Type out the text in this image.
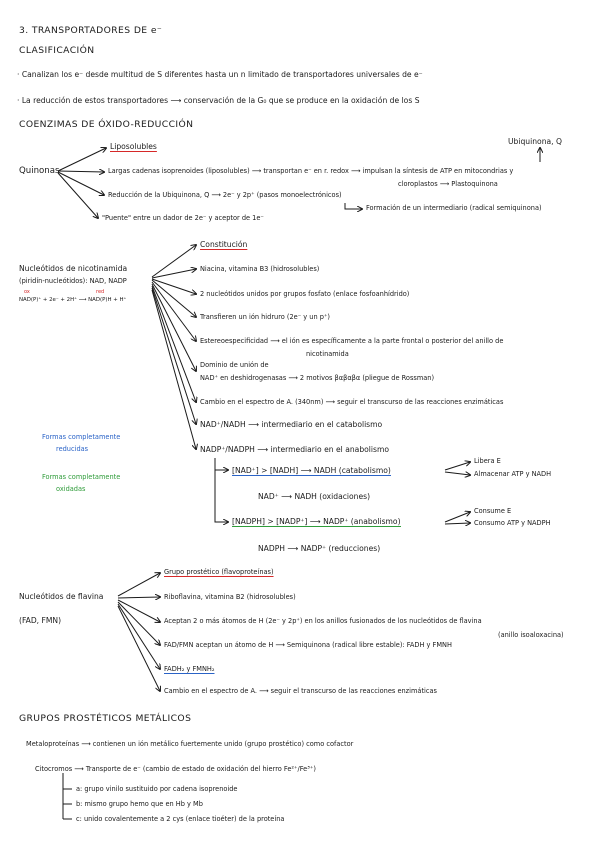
3. TRANSPORTADORES DE e⁻
CLASIFICACIÓN
· Canalizan los e⁻ desde multitud de S diferentes hasta un n limitado de transportadores universales de e⁻
· La reducción de estos transportadores ⟶ conservación de la G₀ que se produce en la oxidación de los S
COENZIMAS DE ÓXIDO-REDUCCIÓN
Quinonas
Ubiquinona, Q
Liposolubles
Largas cadenas isoprenoides (liposolubles) ⟶ transportan e⁻ en r. redox ⟶ impulsan la síntesis de ATP en mitocondrias y
cloroplastos ⟶ Plastoquinona
Reducción de la Ubiquinona, Q ⟶ 2e⁻ y 2p⁺ (pasos monoelectrónicos)
Formación de un intermediario (radical semiquinona)
"Puente" entre un dador de 2e⁻ y aceptor de 1e⁻
Nucleótidos de nicotinamida
(piridín-nucleótidos): NAD, NADP
ox	red
NAD(P)⁺ + 2e⁻ + 2H⁺ ⟶ NAD(P)H + H⁺
Constitución
Niacina, vitamina B3 (hidrosolubles)
2 nucleótidos unidos por grupos fosfato (enlace fosfoanhídrido)
Transfieren un ión hidruro (2e⁻ y un p⁺)
Estereoespecificidad ⟶ el ión es específicamente a la parte frontal o posterior del anillo de
nicotinamida
Dominio de unión de
NAD⁺ en deshidrogenasas ⟶ 2 motivos βαβαβα (pliegue de Rossman)
Cambio en el espectro de A. (340nm) ⟶ seguir el transcurso de las reacciones enzimáticas
NAD⁺/NADH ⟶ intermediario en el catabolismo
NADP⁺/NADPH ⟶ intermediario en el anabolismo
[NAD⁺] > [NADH] ⟶ NADH (catabolismo)
Libera E
Almacenar ATP y NADH
NAD⁺ ⟶ NADH (oxidaciones)
[NADPH] > [NADP⁺] ⟶ NADP⁺ (anabolismo)
Consume E
Consumo ATP y NADPH
NADPH ⟶ NADP⁺ (reducciones)
Formas completamente
reducidas
Formas completamente
oxidadas
Nucleótidos de flavina
(FAD, FMN)
Grupo prostético (flavoproteínas)
Riboflavina, vitamina B2 (hidrosolubles)
Aceptan 2 o más átomos de H (2e⁻ y 2p⁺) en los anillos fusionados de los nucleótidos de flavina
(anillo isoaloxacina)
FAD/FMN aceptan un átomo de H ⟶ Semiquinona (radical libre estable): FADH y FMNH
FADH₂ y FMNH₂
Cambio en el espectro de A. ⟶ seguir el transcurso de las reacciones enzimáticas
GRUPOS PROSTÉTICOS METÁLICOS
Metaloproteínas ⟶ contienen un ión metálico fuertemente unido (grupo prostético) como cofactor
Citocromos ⟶ Transporte de e⁻ (cambio de estado de oxidación del hierro Fe²⁺/Fe³⁺)
a: grupo vinilo sustituido por cadena isoprenoide
b: mismo grupo hemo que en Hb y Mb
c: unido covalentemente a 2 cys (enlace tioéter) de la proteína
